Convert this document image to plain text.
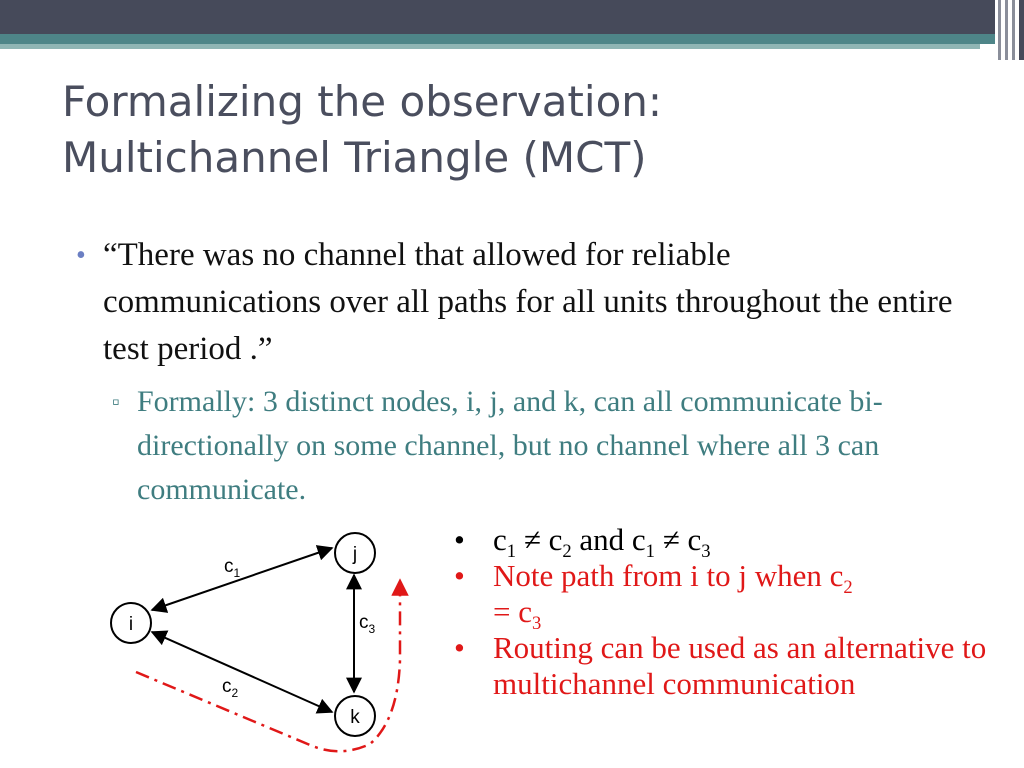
Formalizing the observation:
Multichannel Triangle (MCT)
• “There was no channel that allowed for reliable communications over all paths for all units throughout the entire test period .”
▫ Formally: 3 distinct nodes, i, j, and k, can all communicate bi-directionally on some channel, but no channel where all 3 can communicate.
• $c_1 \ne c_2$ and $c_1 \ne c_3$
• Note path from i to j when $c_2$
= $c_3$
• Routing can be used as an alternative to multichannel communication
i
j
k
$c_1$
$c_2$
$c_3$
